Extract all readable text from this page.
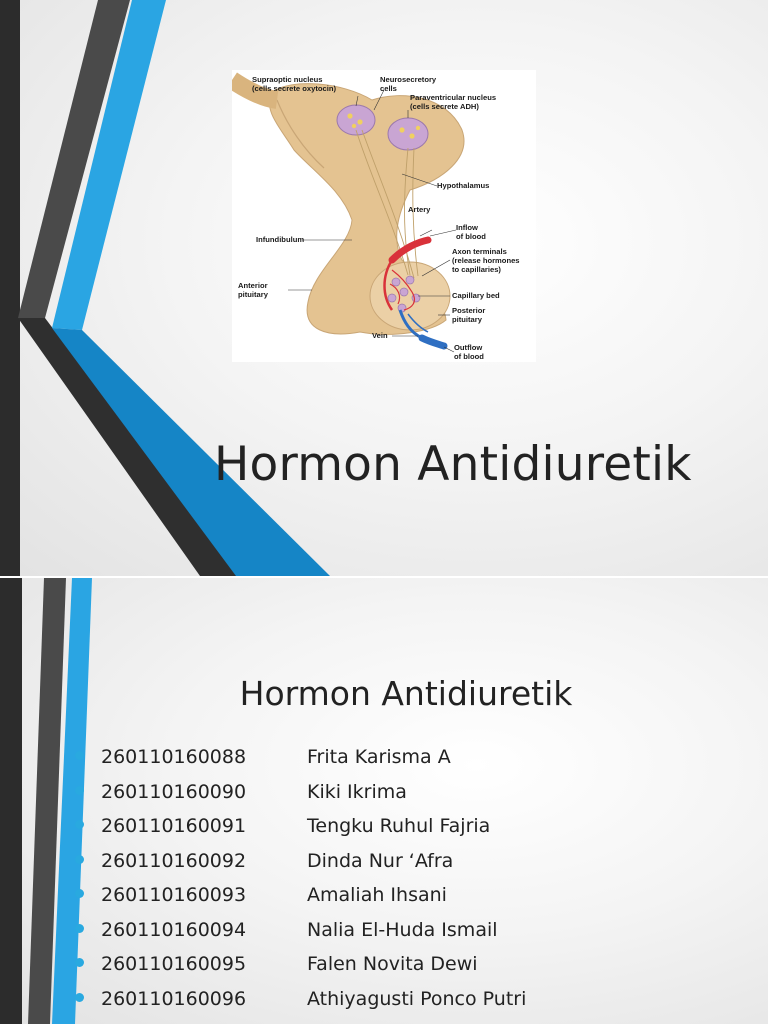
Supraoptic nucleus
(cells secrete oxytocin)
Neurosecretory
cells
Paraventricular nucleus
(cells secrete ADH)
Hypothalamus
Artery
Inflow
of blood
Infundibulum
Axon terminals
(release hormones
to capillaries)
Anterior
pituitary	Capillary bed
Posterior
pituitary
Vein
Outflow
of blood
Hormon Antidiuretik
Hormon Antidiuretik
260110160088	Frita Karisma A
260110160090	Kiki Ikrima
260110160091	Tengku Ruhul Fajria
260110160092	Dinda Nur ‘Afra
260110160093	Amaliah Ihsani
260110160094	Nalia El-Huda Ismail
260110160095	Falen Novita Dewi
260110160096	Athiyagusti Ponco Putri
